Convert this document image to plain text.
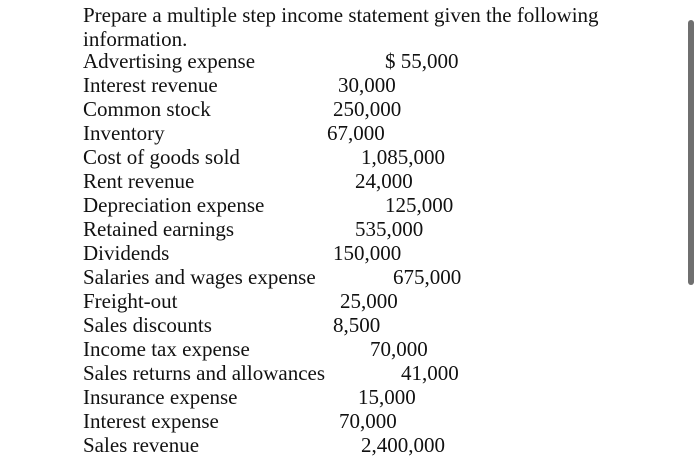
Prepare a multiple step income statement given the following
information.

Advertising expense	$ 55,000
Interest revenue	30,000
Common stock	250,000
Inventory	67,000
Cost of goods sold	1,085,000
Rent revenue	24,000
Depreciation expense	125,000
Retained earnings	535,000
Dividends	150,000
Salaries and wages expense	675,000
Freight-out	25,000
Sales discounts	8,500
Income tax expense	70,000
Sales returns and allowances	41,000
Insurance expense	15,000
Interest expense	70,000
Sales revenue	2,400,000
